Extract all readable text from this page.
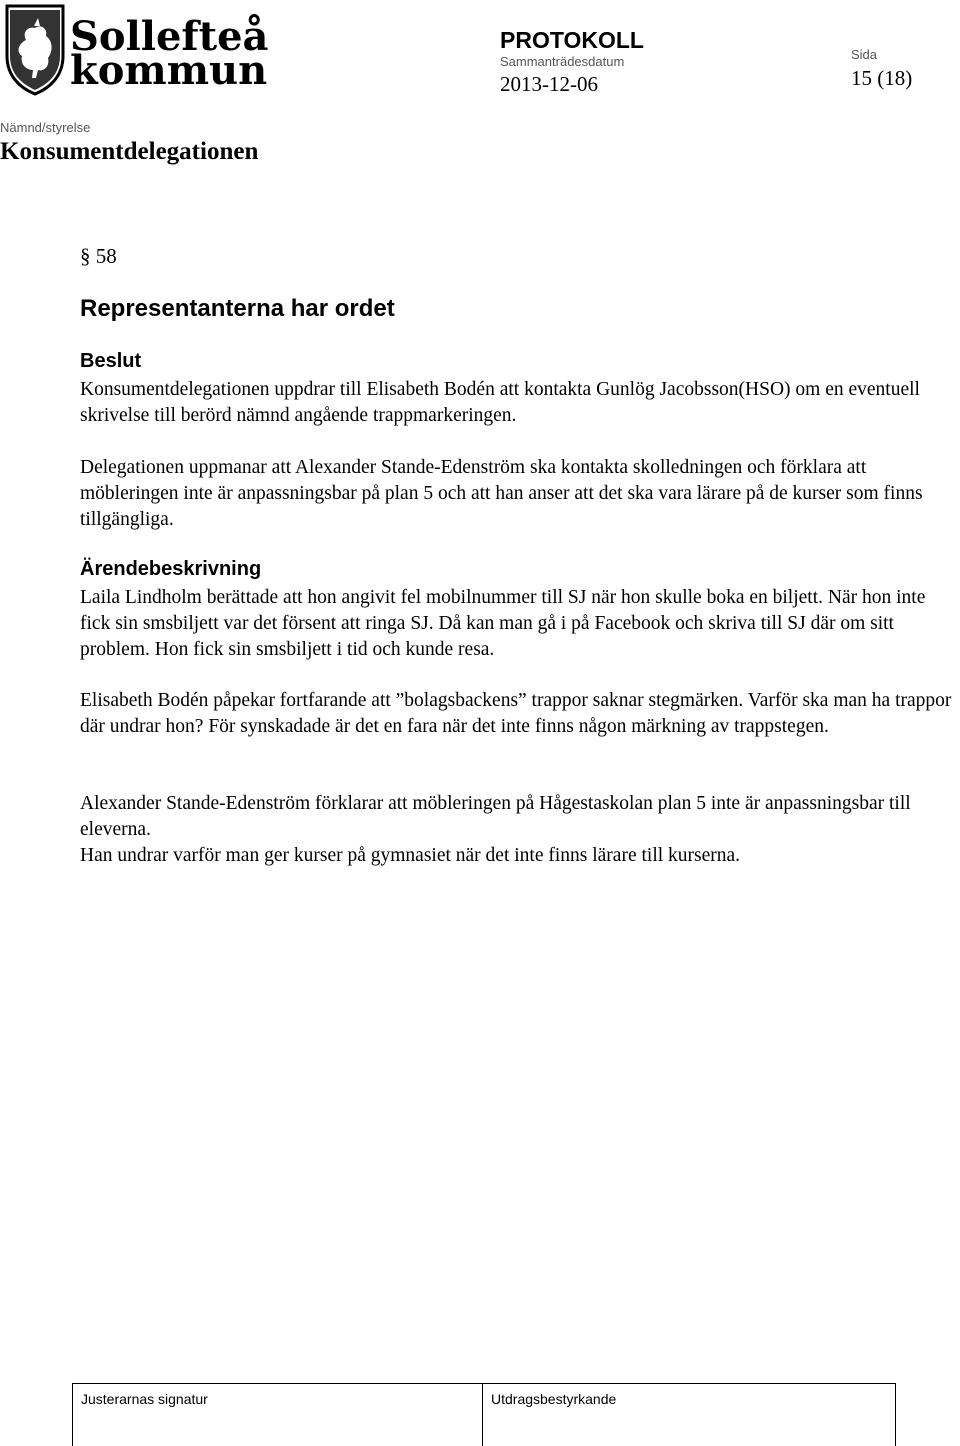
Sollefteå
kommun
PROTOKOLL
Sammanträdesdatum
2013-12-06
Sida
15 (18)
Nämnd/styrelse
Konsumentdelegationen
§ 58
Representanterna har ordet
Beslut
Konsumentdelegationen uppdrar till Elisabeth Bodén att kontakta Gunlög Jacobsson(HSO) om en eventuell skrivelse till berörd nämnd angående trappmarkeringen.
Delegationen uppmanar att Alexander Stande-Edenström ska kontakta skolledningen och förklara att möbleringen inte är anpassningsbar på plan 5 och att han anser att det ska vara lärare på de kurser som finns tillgängliga.
Ärendebeskrivning
Laila Lindholm berättade att hon angivit fel mobilnummer till SJ när hon skulle boka en biljett. När hon inte fick sin smsbiljett var det försent att ringa SJ. Då kan man gå i på Facebook och skriva till SJ där om sitt problem. Hon fick sin smsbiljett i tid och kunde resa.
Elisabeth Bodén påpekar fortfarande att ”bolagsbackens” trappor saknar stegmärken. Varför ska man ha trappor där undrar hon? För synskadade är det en fara när det inte finns någon märkning av trappstegen.
Alexander Stande-Edenström förklarar att möbleringen på Hågestaskolan plan 5 inte är anpassningsbar till eleverna.
Han undrar varför man ger kurser på gymnasiet när det inte finns lärare till kurserna.
Justerarnas signatur	Utdragsbestyrkande
